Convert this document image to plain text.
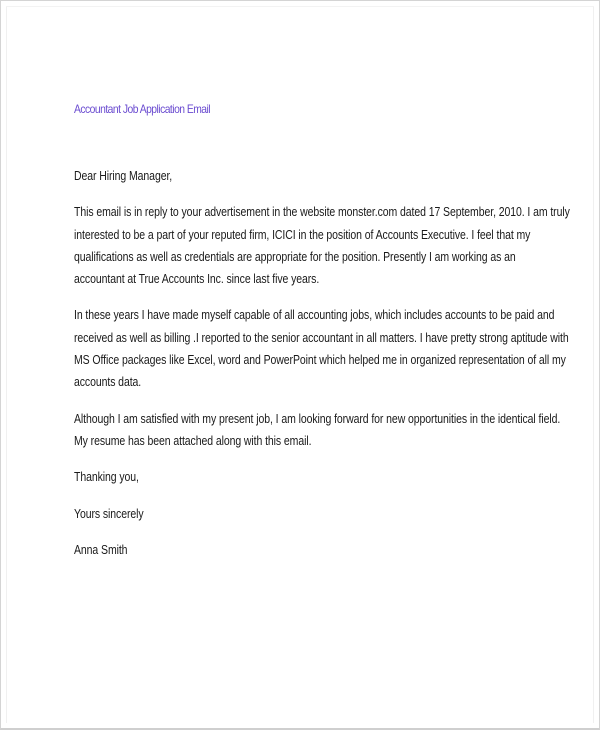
Accountant Job Application Email
Dear Hiring Manager,
This email is in reply to your advertisement in the website monster.com dated 17 September, 2010. I am truly
interested to be a part of your reputed firm, ICICI in the position of Accounts Executive. I feel that my
qualifications as well as credentials are appropriate for the position. Presently I am working as an
accountant at True Accounts Inc. since last five years.
In these years I have made myself capable of all accounting jobs, which includes accounts to be paid and
received as well as billing .I reported to the senior accountant in all matters. I have pretty strong aptitude with
MS Office packages like Excel, word and PowerPoint which helped me in organized representation of all my
accounts data.
Although I am satisfied with my present job, I am looking forward for new opportunities in the identical field.
My resume has been attached along with this email.
Thanking you,
Yours sincerely
Anna Smith
